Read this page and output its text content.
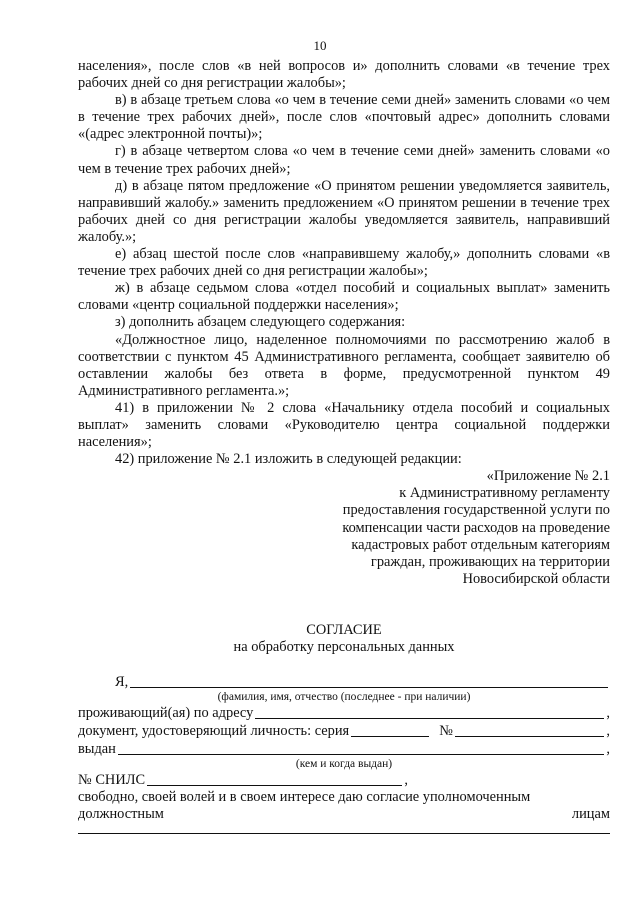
10

населения», после слов «в ней вопросов и» дополнить словами «в течение трех рабочих дней со дня регистрации жалобы»;

в) в абзаце третьем слова «о чем в течение семи дней» заменить словами «о чем в течение трех рабочих дней», после слов «почтовый адрес» дополнить словами «(адрес электронной почты)»;

г) в абзаце четвертом слова «о чем в течение семи дней» заменить словами «о чем в течение трех рабочих дней»;

д) в абзаце пятом предложение «О принятом решении уведомляется заявитель, направивший жалобу.» заменить предложением «О принятом решении в течение трех рабочих дней со дня регистрации жалобы уведомляется заявитель, направивший жалобу.»;

е) абзац шестой после слов «направившему жалобу,» дополнить словами «в течение трех рабочих дней со дня регистрации жалобы»;

ж) в абзаце седьмом слова «отдел пособий и социальных выплат» заменить словами «центр социальной поддержки населения»;

з) дополнить абзацем следующего содержания:

«Должностное лицо, наделенное полномочиями по рассмотрению жалоб в соответствии с пунктом 45 Административного регламента, сообщает заявителю об оставлении жалобы без ответа в форме, предусмотренной пунктом 49 Административного регламента.»;

41) в приложении № 2 слова «Начальнику отдела пособий и социальных выплат» заменить словами «Руководителю центра социальной поддержки населения»;

42) приложение № 2.1 изложить в следующей редакции:

«Приложение № 2.1
к Административному регламенту
предоставления государственной услуги по
компенсации части расходов на проведение
кадастровых работ отдельным категориям
граждан, проживающих на территории
Новосибирской области

СОГЛАСИЕ

на обработку персональных данных

Я,

(фамилия, имя, отчество (последнее - при наличии)

проживающий(ая) по адресу	,
документ, удостоверяющий личность: серия	№	,
выдан	,

(кем и когда выдан)

№ СНИЛС	,

свободно, своей волей и в своем интересе даю согласие уполномоченным

должностным	лицам
